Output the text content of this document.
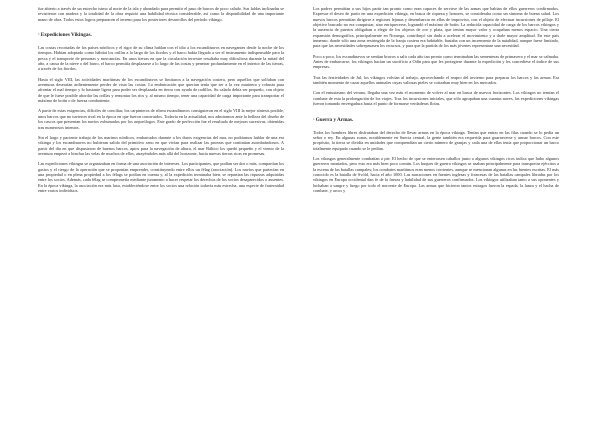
fue abierto a través de un estrecho istmo al norte de la isla y ahondado para permitir el paso de barcos de poco calado. Sus faldas inclinadas se revistieron con madera y la totalidad de la obra requirió una habilidad técnica considerable, así como la disponibilidad de una importante mano de obra. Todos estos logros prepararon el terreno para los posteriores desarrollos del período vikingo.

·Expediciones Vikingas.

Las costas recortadas de los países nórdicos y el rigor de su clima hablan con el idio a los escandinavos en navegantes desde la noche de los tiempos. Habían adoptado como hábitat los orillas a lo largo de los fiordos y el barco había llegado a ser el instrumento indispensable para la pesca y el transporte de personas y mercancías. En unos tierras en que la circulación terrestre resultaba muy dificultosa durante la mitad del año, a causa de la nieve o del barro, el barco permitía desplazarse a lo largo de las costas y penetrar profundamente en el interior de las tierras, a través de los fiordos.

Hasta el siglo VIII, las actividades marítimas de los escandinavos se limitaron a la navegación costera, pero aquellos que solfaban con aventuras desearían ardientemente perder de vista las costas. La embarcación que querían tenía que ser a la vez marinera y robusta para afrontar el mal tiempo y lo bastante ligera para poder ser desplazada en tierra con ayuda de rodillos. Su calado debía ser pequeño, con objeto de que le fuese posible abordar las orillas y remontar los ríos y, al mismo tiempo, tener una capacidad de carga importante para transportar el máximo de botín o de fuerza combatiente.

A partir de estas exigencias, difíciles de conciliar, los carpinteros de ribera escandinavos consiguieron en el siglo VIII la mejor síntesis posible, unos barcos que no tuvieron rival en la época en que fueron construidos. Todavía en la actualidad, nos admiramos ante la belleza del diseño de los cascos que presentan los navíos exhumados por los arqueólogos. Este grado de perfección fue el resultado de mejoras sucesivas, obtenidas tras numerosos intentos.

Sin el largo y paciente trabajo de los marinos nórdicos, embarcados durante a los duros exigencias del mar, no podríamos hablar de una era vikinga y los escandinavos no hubieran salido del primitivo seno en que vivían para realizar las proezas que continúan asombrándonos. A partir del día en que dispusieron de buenos barcos, aptos para la navegación de altura, el mar Báltico los quedó pequeño y el viento de la aventura empezó a hinchar las velas de muchos de ellos, atrayéndoles más allá del horizonte, hacia nuevas tierras ricas en promesas.

Las expediciones vikingas se organizaban en forma de una asociación de intereses. Los participantes, que podían ser dos o más, compartían los gastos y el riesgo de la operación que se proponían emprender, constituyendo entre ellos un félag (asociación). Los navíos que partecían en una propiedad o en plena propiedad a los félags se podían en cuenta y, al la expedición terminaba bien, se repartían las riquezas adquiridas entre los socios. Además, cada félag se comprometía mediante juramento a hacer respetar los derechos de los socios desaparecidos o ausentes. En la época vikinga, la asociación era más laxa, estableciéndose entre los socios una relación todavía más estrecha, una especie de fraternidad entre varios individuos.

Los padres permitían a sus hijos partir tan pronto como eran capaces de servirse de las armas que habían de ellos guerreros confirmados. Expresar el deseo de partir en una expedición vikinga, en busca de riqueza y honores, se consideraba como un síntoma de buena salud. Los nuevos barcos permitían dirigirse a regiones lejanas y desembarcar en ellas de improviso, con el objeto de efectuar incursiones de pillaje. El objetivo buscado no era conquistar, sino enriquecerse, lograndó el máximo de botín. La reducida capacidad de carga de los barcos vikingos y la ausencia de puertos obligaban a elegir de los objetos de oro y plata, que tenían mayor valor y ocupaban menos espacio. Una cierta expansión demográfica, principalmente en Noruega, contribuyó sin duda a acelerar el movimiento y a darle mayor amplitud. En este país inmenso, donde sólo una zona restringida de la franja costera era habitable, bastaba con un incremento de la natalidad, aunque fuese limitado, para que las necesidades sobrepasasen los recursos, y para que la partida de los más jóvenes representase una necesidad.

Poco a poco, los escandinavos se sentían bravos a salir cada año tan pronto como terminaban las sementeras de primavera y el mar se calmaba. Antes de embarcarse, los vikingos hacían un sacrificio a Odín para que les protegiese durante la expedición y les concediese el índice de sus empresas.

Tras las festividades de Jul, los vikingos volvían al trabajo, aprovechando el reapro del invierno para preparar los barcos y las armas. Era también momento de cazar aquellos animales cuyas valiosas pieles se cotizaban muy bien en los mercados.

Con el entusiasmo del verano, llegaba una vez más el momento de volver al mar en busca de nuevos horizontes. Los vikingos no temían el combate de esta la prolongación de los viajes. Tras los incursiones iniciales, que sólo agrupaban una cuantas naves, las expediciones vikingas fueron tomando envergadura hasta el punto de formarse verdaderas flotas.

·Guerra y Armas.

Todos los hombres libres disfrutaban del derecho de llevar armas en la época vikinga. Tenían que entrar en las filas cuando se lo pedía un señor o rey. En algunas zonas, notablemente en Suecia central, la gente también era requerida para guarnecerse y armar barcos. Con este propósito, la tierra se dividía en unidades que comprendían un cierto número de granjas y cada una de ellas tenía que proporcionar un barco totalmente equipado cuando se le pedían.

Los vikingos generalmente combatían a pie. El hecho de que se enterrasen caballos junto a algunos vikingos ricos indica que hubo algunos guerreros montados, pero esto era más bien poco común. Los buques de guerra vikingos se usaban principalmente para transportar ejércitos a la escena de las batallas campales; los combates marítimos eran menos corrientes, aunque se mencionan algunas en las fuentes escritas. El más conocido es la batalla de Svöld, hacia el año 1000. Las narraciones en fuentes inglesas y francesas de las batallas campales libradas por los vikingos en Europa occidental dan fe de la fuerza y habilidad de sus guerreros confirmados. Los vikingos utilizaban tanto a sus oponentes y luchaban a sangre y fuego por todo el noroeste de Europa. Las armas que hicieron tantos estragos fueron la espada, la lanza y el hacha de combate, y arcos y
